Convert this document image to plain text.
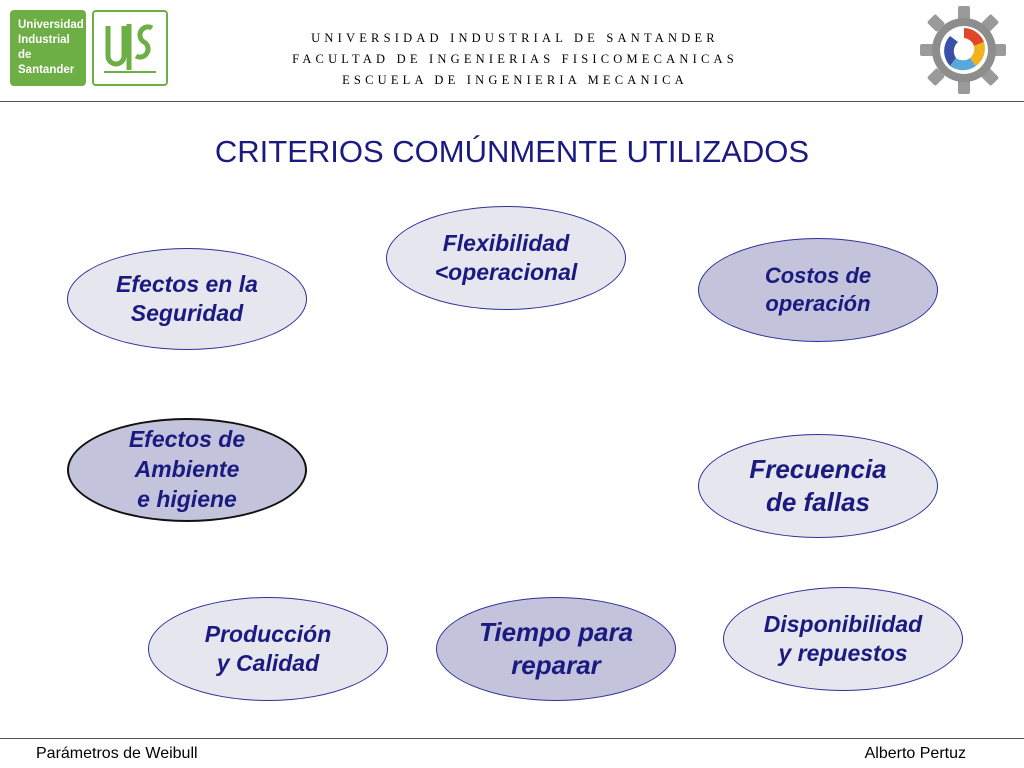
Universidad
Industrial de
Santander
UNIVERSIDAD INDUSTRIAL DE SANTANDER
FACULTAD DE INGENIERIAS FISICOMECANICAS
ESCUELA DE INGENIERIA MECANICA
CRITERIOS COMÚNMENTE UTILIZADOS
Flexibilidad
<operacional
Efectos en la
Seguridad
Costos de
operación
Efectos de
Ambiente
e higiene
Frecuencia
de fallas
Producción
y Calidad
Tiempo para
reparar
Disponibilidad
y repuestos
Parámetros de Weibull	Alberto Pertuz
